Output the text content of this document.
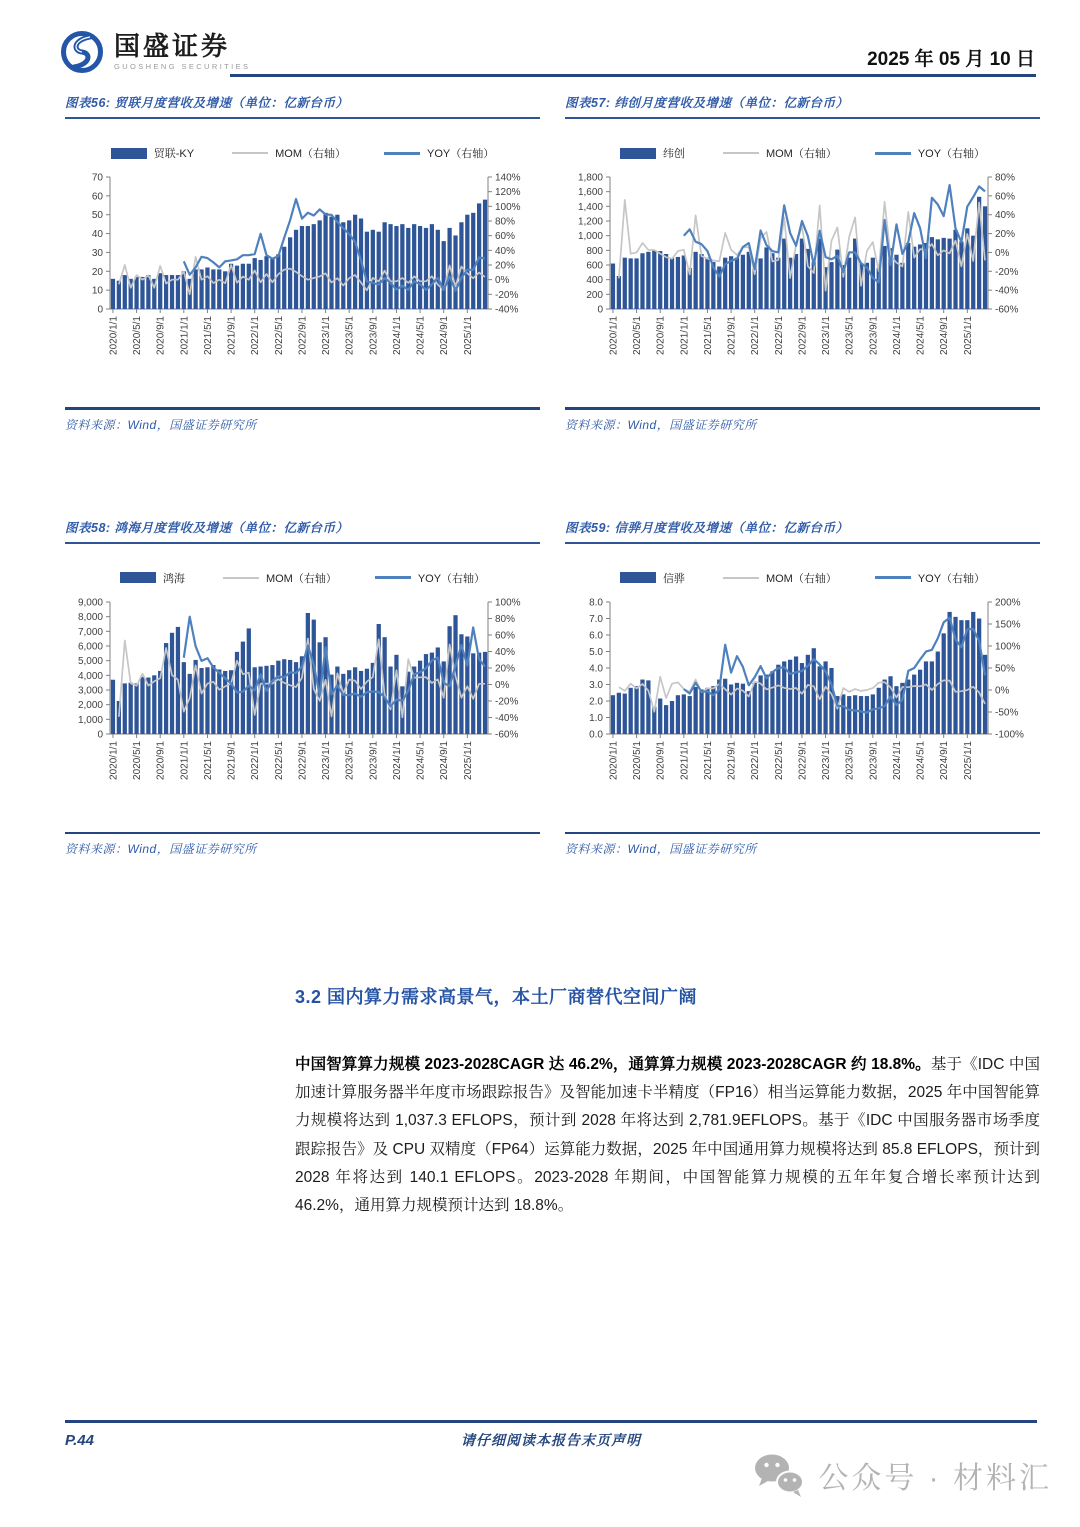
国盛证券
GUOSHENG SECURITIES	2025 年 05 月 10 日
图表56: 贸联月度营收及增速（单位：亿新台币）
贸联-KY	MOM（右轴）	YOY（右轴）
0
10
20
30
40
50
60
70
-40%
-20%
0%
20%
40%
60%
80%
100%
120%
140%
2020/1/1 2020/5/1 2020/9/1 2021/1/1 2021/5/1 2021/9/1 2022/1/1 2022/5/1 2022/9/1 2023/1/1 2023/5/1 2023/9/1 2024/1/1 2024/5/1 2024/9/1 2025/1/1
资料来源：Wind，国盛证券研究所
图表57: 纬创月度营收及增速（单位：亿新台币）
纬创	MOM（右轴）	YOY（右轴）
0
200
400
600
800
1,000
1,200
1,400
1,600
1,800
-60%
-40%
-20%
0%
20%
40%
60%
80%
2020/1/1 2020/5/1 2020/9/1 2021/1/1 2021/5/1 2021/9/1 2022/1/1 2022/5/1 2022/9/1 2023/1/1 2023/5/1 2023/9/1 2024/1/1 2024/5/1 2024/9/1 2025/1/1
资料来源：Wind，国盛证券研究所
图表58: 鸿海月度营收及增速（单位：亿新台币）
鸿海	MOM（右轴）	YOY（右轴）
0
1,000
2,000
3,000
4,000
5,000
6,000
7,000
8,000
9,000
-60%
-40%
-20%
0%
20%
40%
60%
80%
100%
2020/1/1 2020/5/1 2020/9/1 2021/1/1 2021/5/1 2021/9/1 2022/1/1 2022/5/1 2022/9/1 2023/1/1 2023/5/1 2023/9/1 2024/1/1 2024/5/1 2024/9/1 2025/1/1
资料来源：Wind，国盛证券研究所
图表59: 信骅月度营收及增速（单位：亿新台币）
信骅	MOM（右轴）	YOY（右轴）
0.0
1.0
2.0
3.0
4.0
5.0
6.0
7.0
8.0
-100%
-50%
0%
50%
100%
150%
200%
2020/1/1 2020/5/1 2020/9/1 2021/1/1 2021/5/1 2021/9/1 2022/1/1 2022/5/1 2022/9/1 2023/1/1 2023/5/1 2023/9/1 2024/1/1 2024/5/1 2024/9/1 2025/1/1
资料来源：Wind，国盛证券研究所
3.2 国内算力需求高景气，本土厂商替代空间广阔
中国智算算力规模 2023-2028CAGR 达 46.2%，通算算力规模 2023-2028CAGR 约 18.8%。基于《IDC 中国加速计算服务器半年度市场跟踪报告》及智能加速卡半精度（FP16）相当运算能力数据，2025 年中国智能算力规模将达到 1,037.3 EFLOPS，预计到 2028 年将达到 2,781.9EFLOPS。基于《IDC 中国服务器市场季度跟踪报告》及 CPU 双精度（FP64）运算能力数据，2025 年中国通用算力规模将达到 85.8 EFLOPS，预计到 2028 年将达到 140.1 EFLOPS。2023-2028 年期间，中国智能算力规模的五年年复合增长率预计达到 46.2%，通用算力规模预计达到 18.8%。
P.44	请仔细阅读本报告末页声明
公众号 · 材料汇
